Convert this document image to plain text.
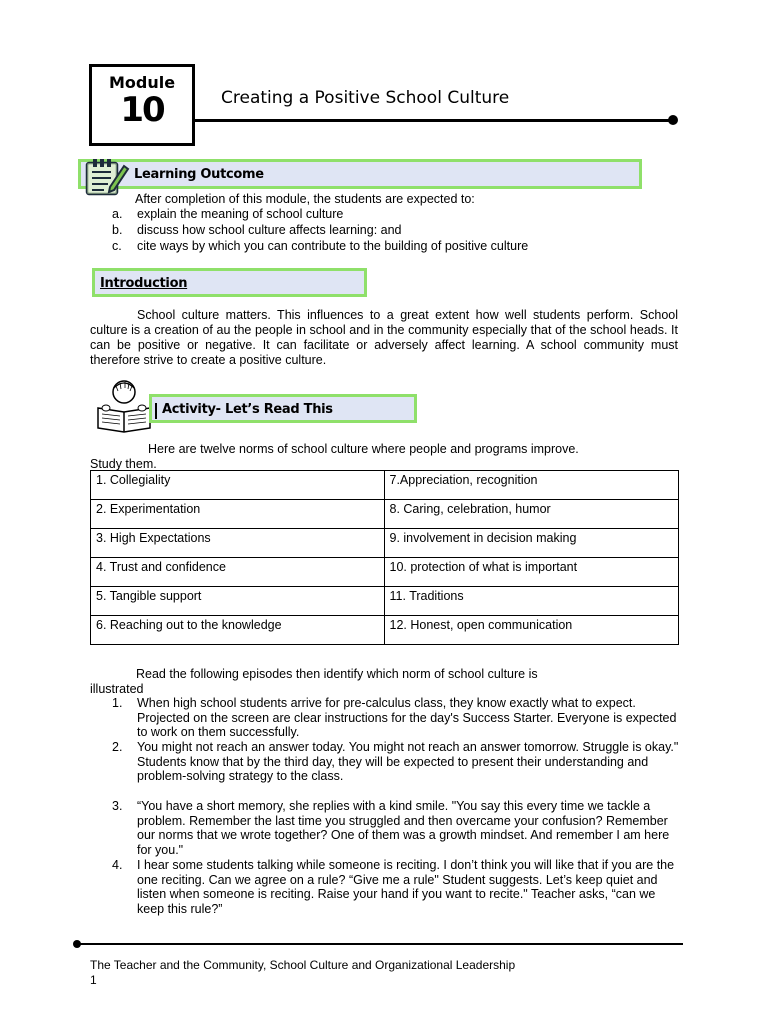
Module
10	Creating a Positive School Culture
Learning Outcome
After completion of this module, the students are expected to:
a. explain the meaning of school culture
b. discuss how school culture affects learning: and
c. cite ways by which you can contribute to the building of positive culture
Introduction
School culture matters. This influences to a great extent how well students perform. School culture is a creation of au the people in school and in the community especially that of the school heads. It can be positive or negative. It can facilitate or adversely affect learning. A school community must therefore strive to create a positive culture.
Activity- Let’s Read This
Here are twelve norms of school culture where people and programs improve.
Study them.
1. Collegiality	7.Appreciation, recognition
2. Experimentation	8. Caring, celebration, humor
3. High Expectations	9. involvement in decision making
4. Trust and confidence	10. protection of what is important
5. Tangible support	11. Traditions
6. Reaching out to the knowledge	12. Honest, open communication
Read the following episodes then identify which norm of school culture is
illustrated
1. When high school students arrive for pre-calculus class, they know exactly what to expect. Projected on the screen are clear instructions for the day's Success Starter. Everyone is expected to work on them successfully.
2. You might not reach an answer today. You might not reach an answer tomorrow. Struggle is okay." Students know that by the third day, they will be expected to present their understanding and problem-solving strategy to the class.
3. “You have a short memory, she replies with a kind smile. "You say this every time we tackle a problem. Remember the last time you struggled and then overcame your confusion? Remember our norms that we wrote together? One of them was a growth mindset. And remember I am here for you."
4. I hear some students talking while someone is reciting. I don’t think you will like that if you are the one reciting. Can we agree on a rule? “Give me a rule" Student suggests. Let’s keep quiet and listen when someone is reciting. Raise your hand if you want to recite." Teacher asks, “can we keep this rule?”
The Teacher and the Community, School Culture and Organizational Leadership
1
